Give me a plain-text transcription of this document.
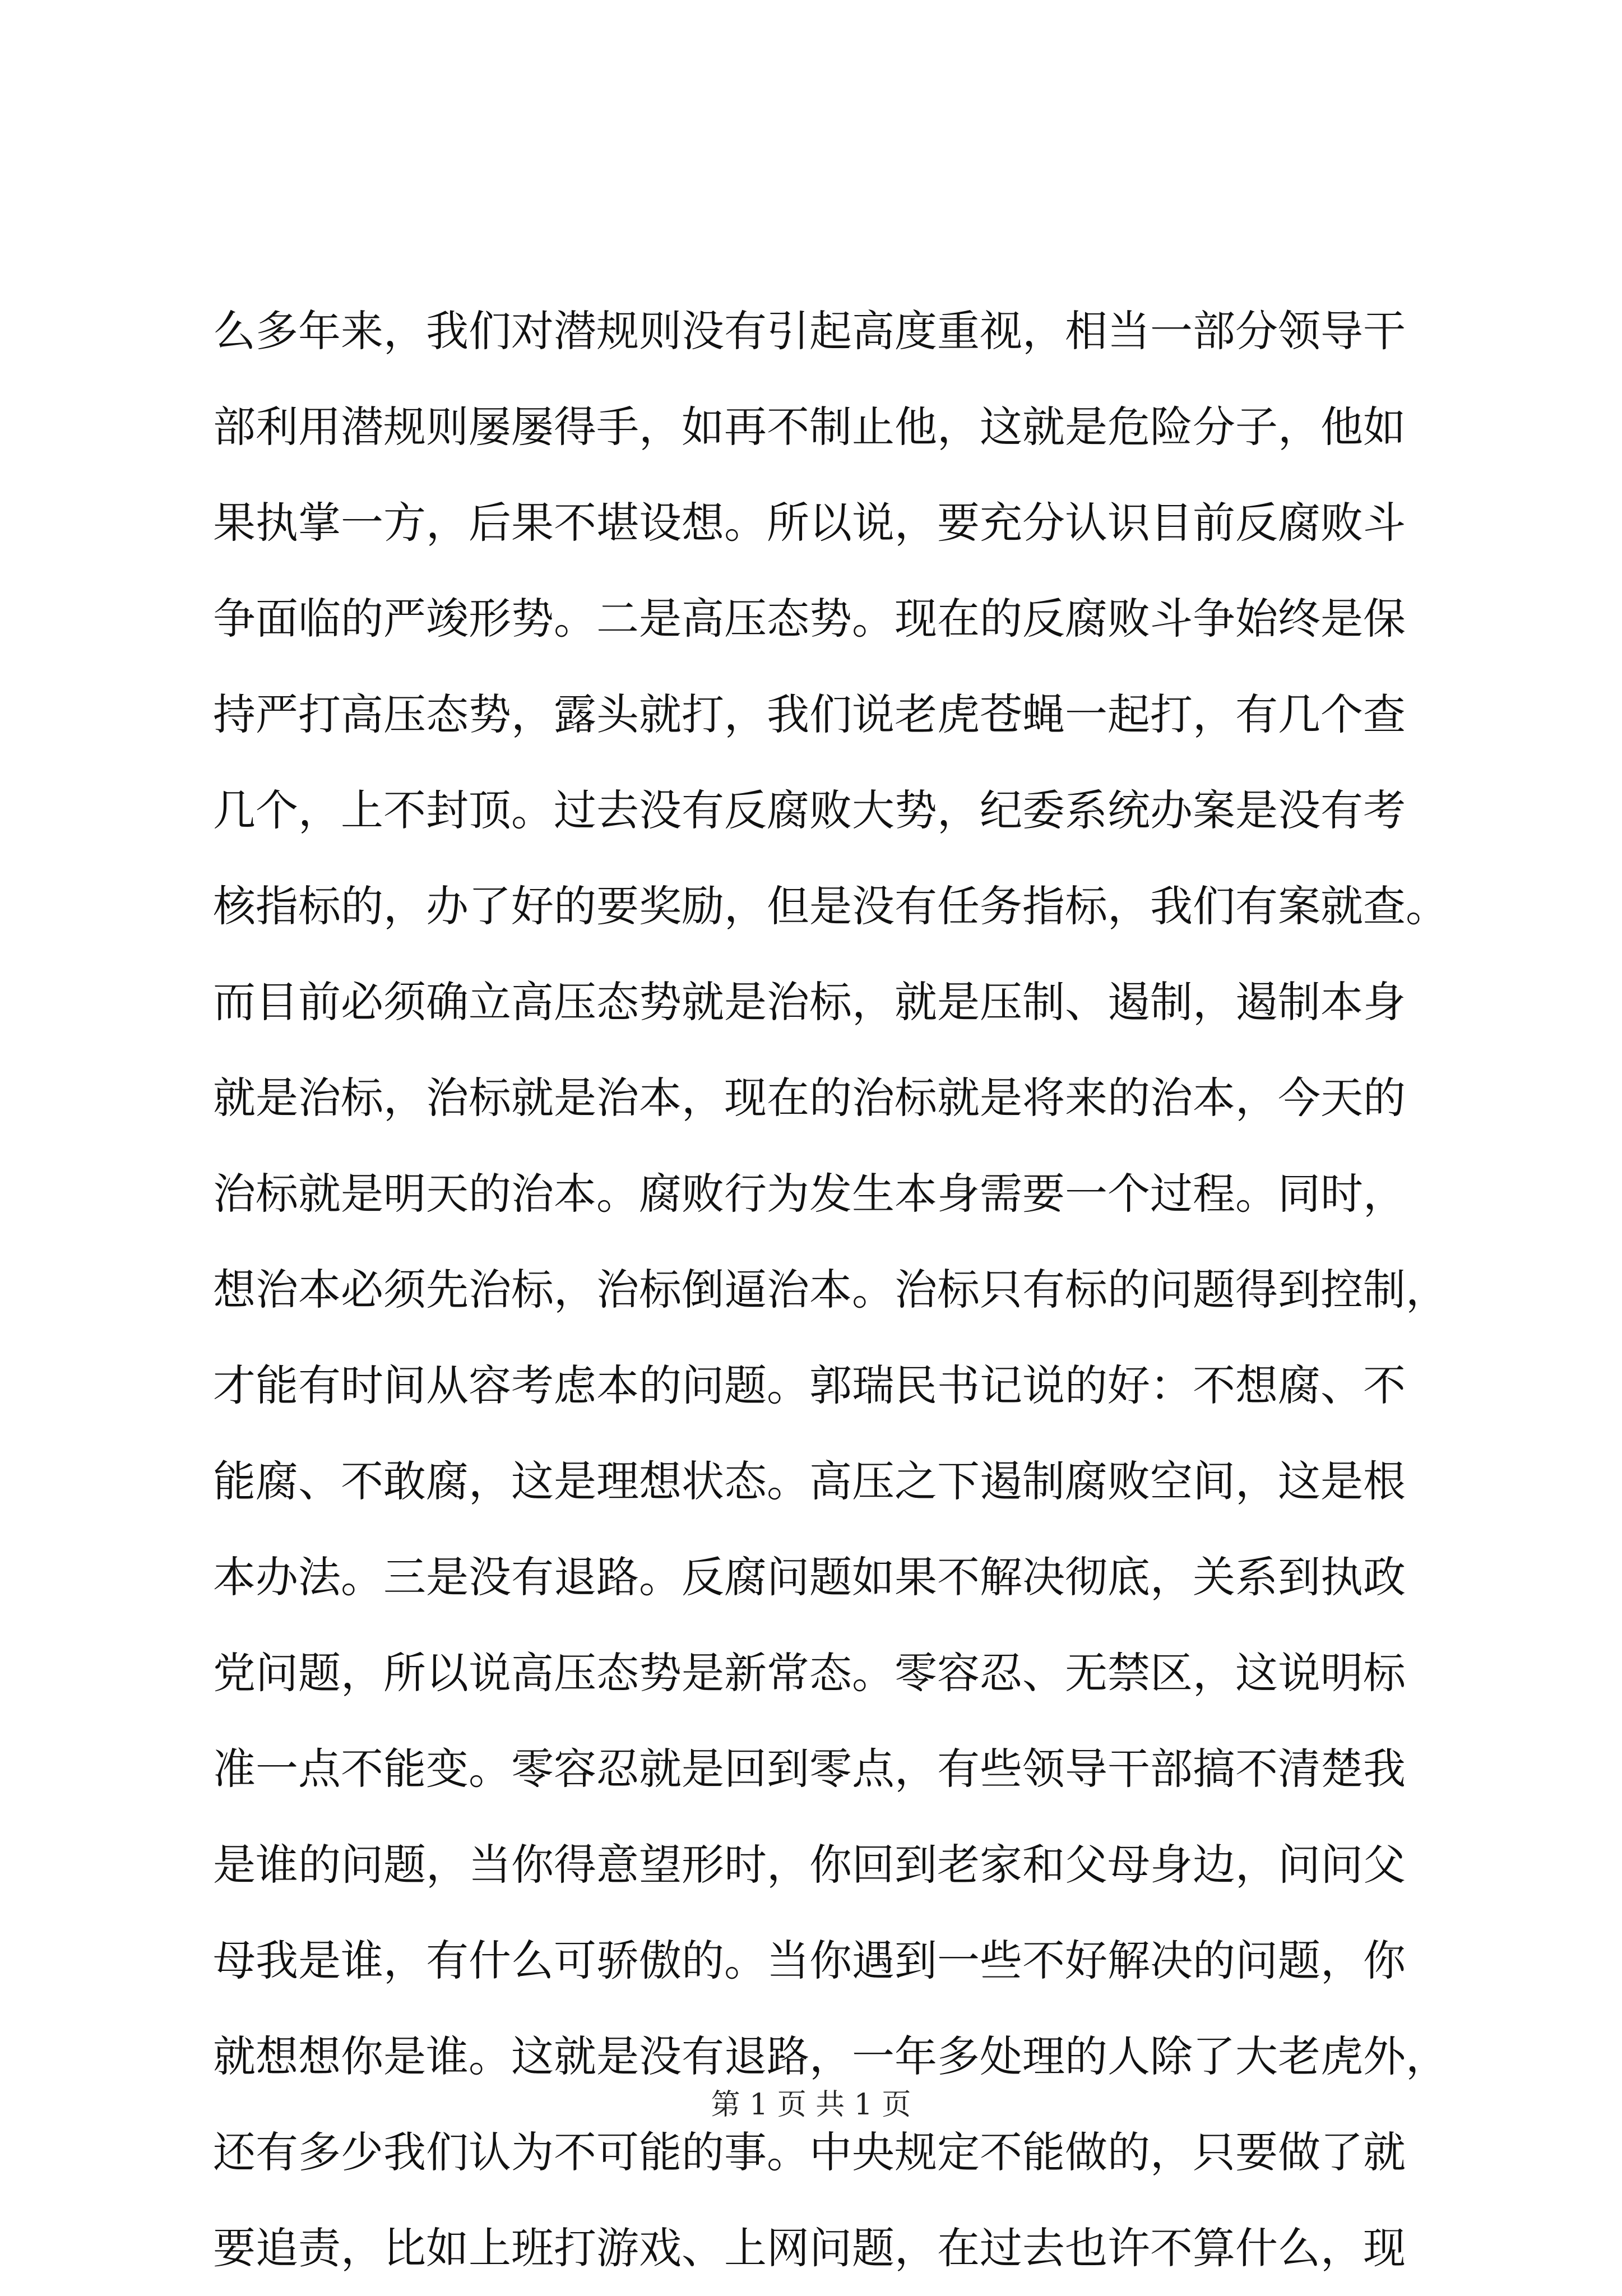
么多年来，我们对潜规则没有引起高度重视，相当一部分领导干
部利用潜规则屡屡得手，如再不制止他，这就是危险分子，他如
果执掌一方，后果不堪设想。所以说，要充分认识目前反腐败斗
争面临的严竣形势。二是高压态势。现在的反腐败斗争始终是保
持严打高压态势，露头就打，我们说老虎苍蝇一起打，有几个查
几个，上不封顶。过去没有反腐败大势，纪委系统办案是没有考
核指标的，办了好的要奖励，但是没有任务指标，我们有案就查。
而目前必须确立高压态势就是治标，就是压制、遏制，遏制本身
就是治标，治标就是治本，现在的治标就是将来的治本，今天的
治标就是明天的治本。腐败行为发生本身需要一个过程。同时，
想治本必须先治标，治标倒逼治本。治标只有标的问题得到控制，
才能有时间从容考虑本的问题。郭瑞民书记说的好：不想腐、不
能腐、不敢腐，这是理想状态。高压之下遏制腐败空间，这是根
本办法。三是没有退路。反腐问题如果不解决彻底，关系到执政
党问题，所以说高压态势是新常态。零容忍、无禁区，这说明标
准一点不能变。零容忍就是回到零点，有些领导干部搞不清楚我
是谁的问题，当你得意望形时，你回到老家和父母身边，问问父
母我是谁，有什么可骄傲的。当你遇到一些不好解决的问题，你
就想想你是谁。这就是没有退路，一年多处理的人除了大老虎外，
还有多少我们认为不可能的事。中央规定不能做的，只要做了就
要追责，比如上班打游戏、上网问题，在过去也许不算什么，现
第 1 页 共 1 页
